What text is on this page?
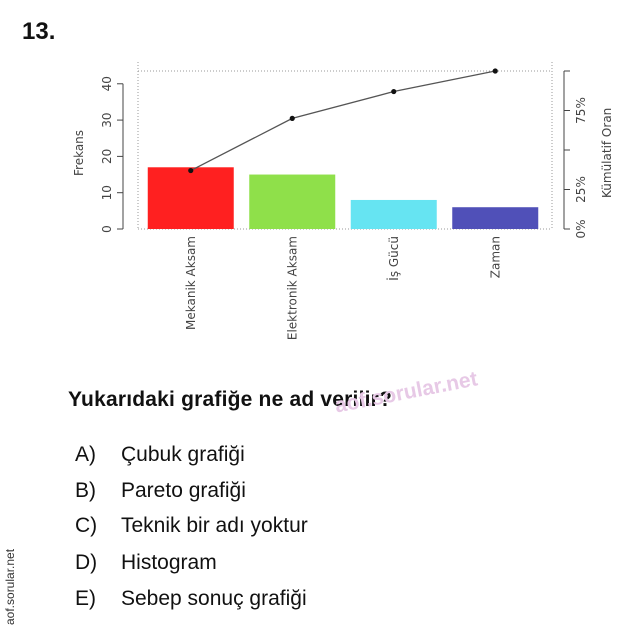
13.
0
10
20
30
40
0%
25%
75%
Mekanik Aksam	Elektronik Aksam	İş Gücü	Zaman
Frekans	Kümülatif Oran
Yukarıdaki grafiğe ne ad verilir?
A) Çubuk grafiği
B) Pareto grafiği
C) Teknik bir adı yoktur
D) Histogram
E) Sebep sonuç grafiği
aof.sorular.net
aof.sorular.net
